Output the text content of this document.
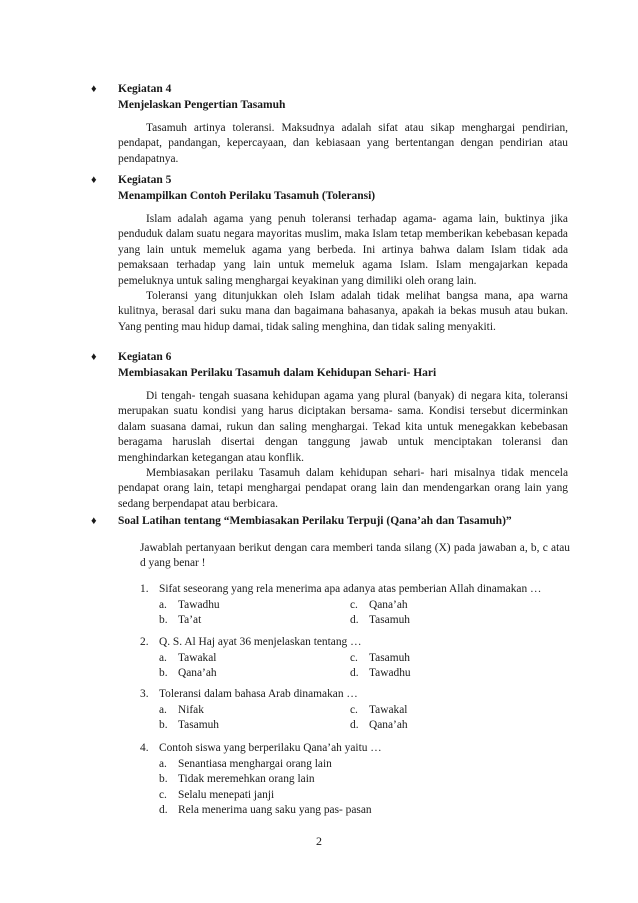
♦ Kegiatan 4

Menjelaskan Pengertian Tasamuh

Tasamuh artinya toleransi. Maksudnya adalah sifat atau sikap menghargai pendirian, pendapat, pandangan, kepercayaan, dan kebiasaan yang bertentangan dengan pendirian atau pendapatnya.

♦ Kegiatan 5

Menampilkan Contoh Perilaku Tasamuh (Toleransi)

Islam adalah agama yang penuh toleransi terhadap agama- agama lain, buktinya jika penduduk dalam suatu negara mayoritas muslim, maka Islam tetap memberikan kebebasan kepada yang lain untuk memeluk agama yang berbeda. Ini artinya bahwa dalam Islam tidak ada pemaksaan terhadap yang lain untuk memeluk agama Islam. Islam mengajarkan kepada pemeluknya untuk saling menghargai keyakinan yang dimiliki oleh orang lain.

Toleransi yang ditunjukkan oleh Islam adalah tidak melihat bangsa mana, apa warna kulitnya, berasal dari suku mana dan bagaimana bahasanya, apakah ia bekas musuh atau bukan. Yang penting mau hidup damai, tidak saling menghina, dan tidak saling menyakiti.

♦ Kegiatan 6

Membiasakan Perilaku Tasamuh dalam Kehidupan Sehari- Hari

Di tengah- tengah suasana kehidupan agama yang plural (banyak) di negara kita, toleransi merupakan suatu kondisi yang harus diciptakan bersama- sama. Kondisi tersebut dicerminkan dalam suasana damai, rukun dan saling menghargai. Tekad kita untuk menegakkan kebebasan beragama haruslah disertai dengan tanggung jawab untuk menciptakan toleransi dan menghindarkan ketegangan atau konflik.

Membiasakan perilaku Tasamuh dalam kehidupan sehari- hari misalnya tidak mencela pendapat orang lain, tetapi menghargai pendapat orang lain dan mendengarkan orang lain yang sedang berpendapat atau berbicara.

♦ Soal Latihan tentang “Membiasakan Perilaku Terpuji (Qana’ah dan Tasamuh)”

Jawablah pertanyaan berikut dengan cara memberi tanda silang (X) pada jawaban a, b, c atau d yang benar !

1. Sifat seseorang yang rela menerima apa adanya atas pemberian Allah dinamakan …
a. Tawadhu	c. Qana’ah
b. Ta’at	d. Tasamuh
2. Q. S. Al Haj ayat 36 menjelaskan tentang …
a. Tawakal	c. Tasamuh
b. Qana’ah	d. Tawadhu
3. Toleransi dalam bahasa Arab dinamakan …
a. Nifak	c. Tawakal
b. Tasamuh	d. Qana’ah
4. Contoh siswa yang berperilaku Qana’ah yaitu …
a. Senantiasa menghargai orang lain
b. Tidak meremehkan orang lain
c. Selalu menepati janji
d. Rela menerima uang saku yang pas- pasan
2
